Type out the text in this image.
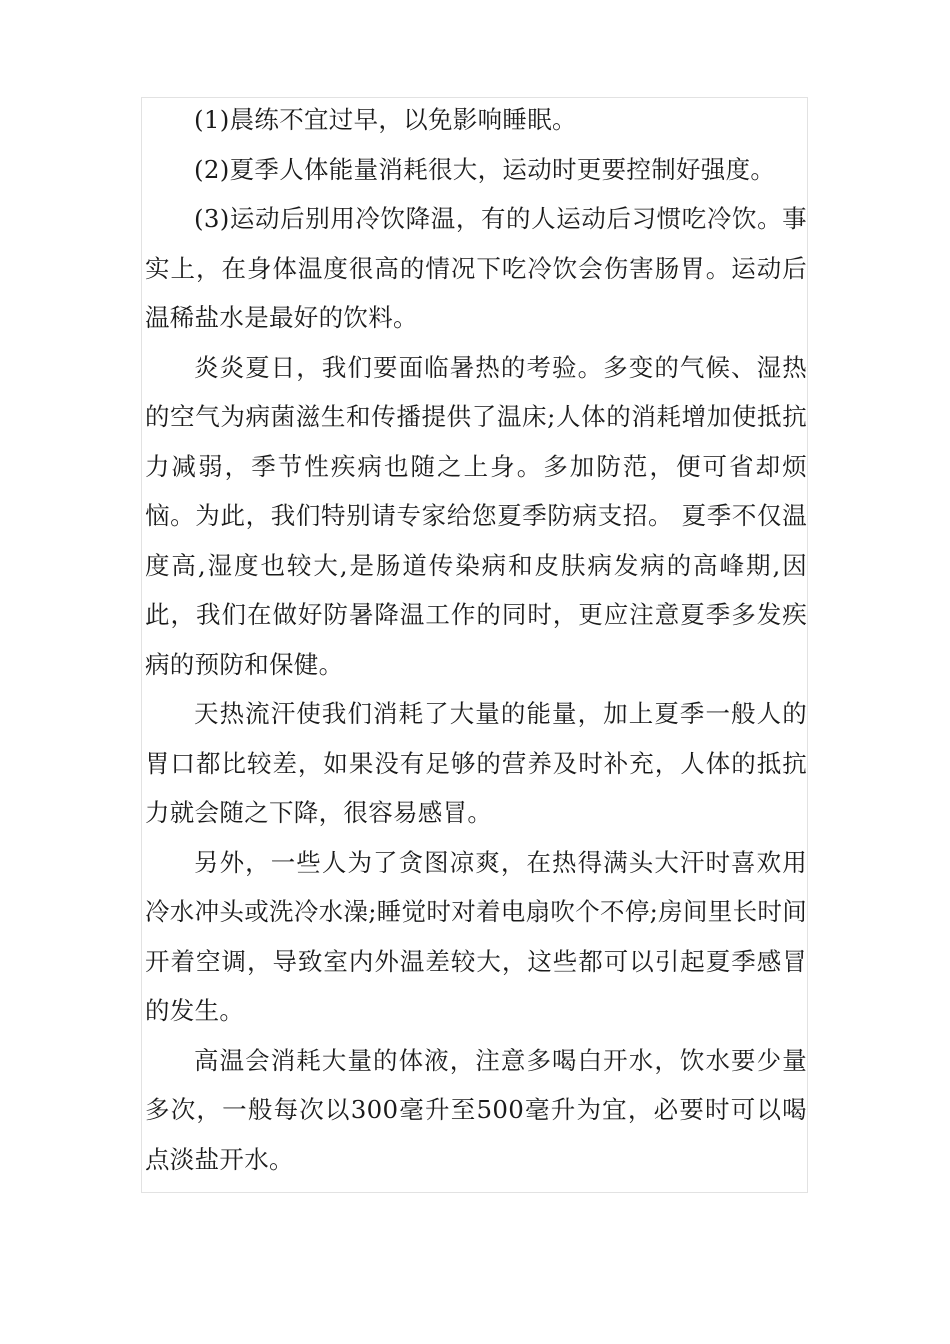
(1)晨练不宜过早，以免影响睡眠。

(2)夏季人体能量消耗很大，运动时更要控制好强度。

(3)运动后别用冷饮降温，有的人运动后习惯吃冷饮。事实上，在身体温度很高的情况下吃冷饮会伤害肠胃。运动后温稀盐水是最好的饮料。

炎炎夏日，我们要面临暑热的考验。多变的气候、湿热的空气为病菌滋生和传播提供了温床;人体的消耗增加使抵抗力减弱，季节性疾病也随之上身。多加防范，便可省却烦恼。为此，我们特别请专家给您夏季防病支招。 夏季不仅温度高,湿度也较大,是肠道传染病和皮肤病发病的高峰期,因此，我们在做好防暑降温工作的同时，更应注意夏季多发疾病的预防和保健。

天热流汗使我们消耗了大量的能量，加上夏季一般人的胃口都比较差，如果没有足够的营养及时补充，人体的抵抗力就会随之下降，很容易感冒。

另外，一些人为了贪图凉爽，在热得满头大汗时喜欢用冷水冲头或洗冷水澡;睡觉时对着电扇吹个不停;房间里长时间开着空调，导致室内外温差较大，这些都可以引起夏季感冒的发生。

高温会消耗大量的体液，注意多喝白开水，饮水要少量多次，一般每次以300毫升至500毫升为宜，必要时可以喝点淡盐开水。
